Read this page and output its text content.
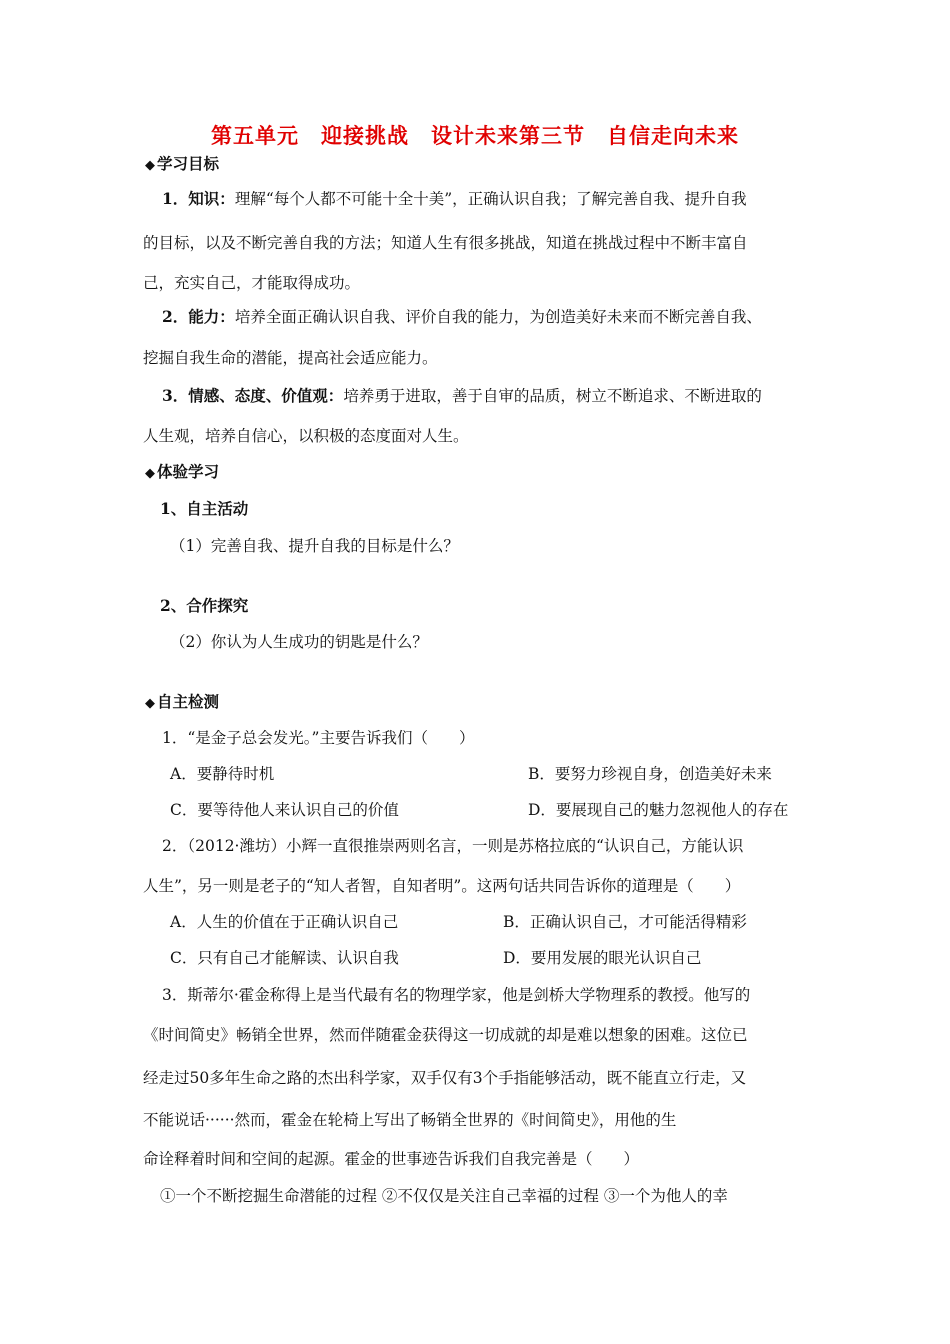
第五单元　迎接挑战　设计未来第三节　自信走向未来
◆ 学习目标
1．知识：理解“每个人都不可能十全十美”，正确认识自我；了解完善自我、提升自我
的目标，以及不断完善自我的方法；知道人生有很多挑战，知道在挑战过程中不断丰富自
己，充实自己，才能取得成功。
2．能力：培养全面正确认识自我、评价自我的能力，为创造美好未来而不断完善自我、
挖掘自我生命的潜能，提高社会适应能力。
3．情感、态度、价值观：培养勇于进取，善于自审的品质，树立不断追求、不断进取的
人生观，培养自信心，以积极的态度面对人生。
◆ 体验学习
1、自主活动
（1）完善自我、提升自我的目标是什么？
2、合作探究
（2）你认为人生成功的钥匙是什么？
◆ 自主检测
1．“是金子总会发光。”主要告诉我们（　　）
A．要静待时机	B．要努力珍视自身，创造美好未来
C．要等待他人来认识自己的价值	D．要展现自己的魅力忽视他人的存在
2．（2012·潍坊）小辉一直很推崇两则名言，一则是苏格拉底的“认识自己，方能认识
人生”，另一则是老子的“知人者智，自知者明”。这两句话共同告诉你的道理是（　　）
A．人生的价值在于正确认识自己	B．正确认识自己，才可能活得精彩
C．只有自己才能解读、认识自我	D．要用发展的眼光认识自己
3．斯蒂尔·霍金称得上是当代最有名的物理学家，他是剑桥大学物理系的教授。他写的
《时间简史》畅销全世界，然而伴随霍金获得这一切成就的却是难以想象的困难。这位已
经走过50多年生命之路的杰出科学家，双手仅有3个手指能够活动，既不能直立行走，又
不能说话······然而，霍金在轮椅上写出了畅销全世界的《时间简史》，用他的生
命诠释着时间和空间的起源。霍金的世事迹告诉我们自我完善是（　　）
①一个不断挖掘生命潜能的过程 ②不仅仅是关注自己幸福的过程 ③一个为他人的幸
